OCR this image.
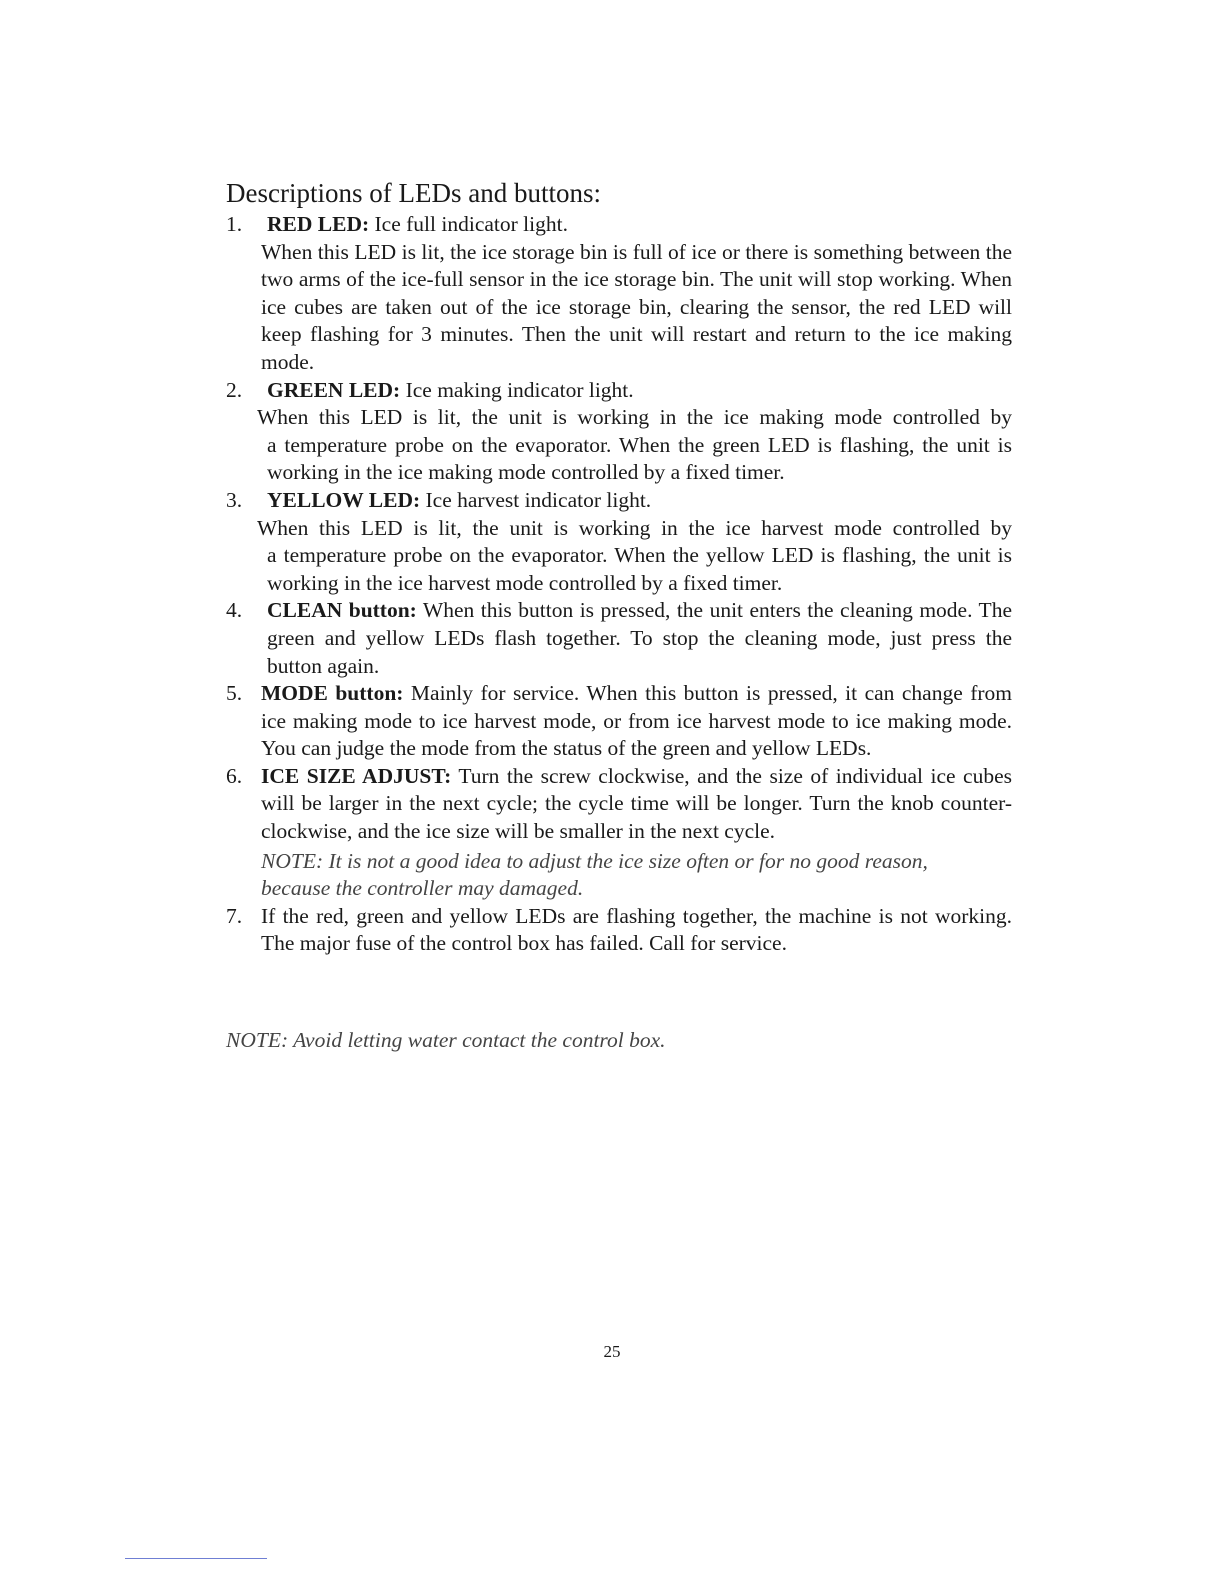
Descriptions of LEDs and buttons:
1. RED LED: Ice full indicator light.
When this LED is lit, the ice storage bin is full of ice or there is something between the two arms of the ice-full sensor in the ice storage bin. The unit will stop working. When ice cubes are taken out of the ice storage bin, clearing the sensor, the red LED will keep flashing for 3 minutes. Then the unit will restart and return to the ice making mode.
2. GREEN LED: Ice making indicator light.
When this LED is lit, the unit is working in the ice making mode controlled by
a temperature probe on the evaporator. When the green LED is flashing, the unit is working in the ice making mode controlled by a fixed timer.
3. YELLOW LED: Ice harvest indicator light.
When this LED is lit, the unit is working in the ice harvest mode controlled by
a temperature probe on the evaporator. When the yellow LED is flashing, the unit is working in the ice harvest mode controlled by a fixed timer.
4. CLEAN button: When this button is pressed, the unit enters the cleaning mode. The green and yellow LEDs flash together. To stop the cleaning mode, just press the button again.
5. MODE button: Mainly for service. When this button is pressed, it can change from ice making mode to ice harvest mode, or from ice harvest mode to ice making mode. You can judge the mode from the status of the green and yellow LEDs.
6. ICE SIZE ADJUST: Turn the screw clockwise, and the size of individual ice cubes will be larger in the next cycle; the cycle time will be longer. Turn the knob counter-clockwise, and the ice size will be smaller in the next cycle.
NOTE: It is not a good idea to adjust the ice size often or for no good reason,
because the controller may damaged.
7. If the red, green and yellow LEDs are flashing together, the machine is not working. The major fuse of the control box has failed. Call for service.

NOTE: Avoid letting water contact the control box.

25
